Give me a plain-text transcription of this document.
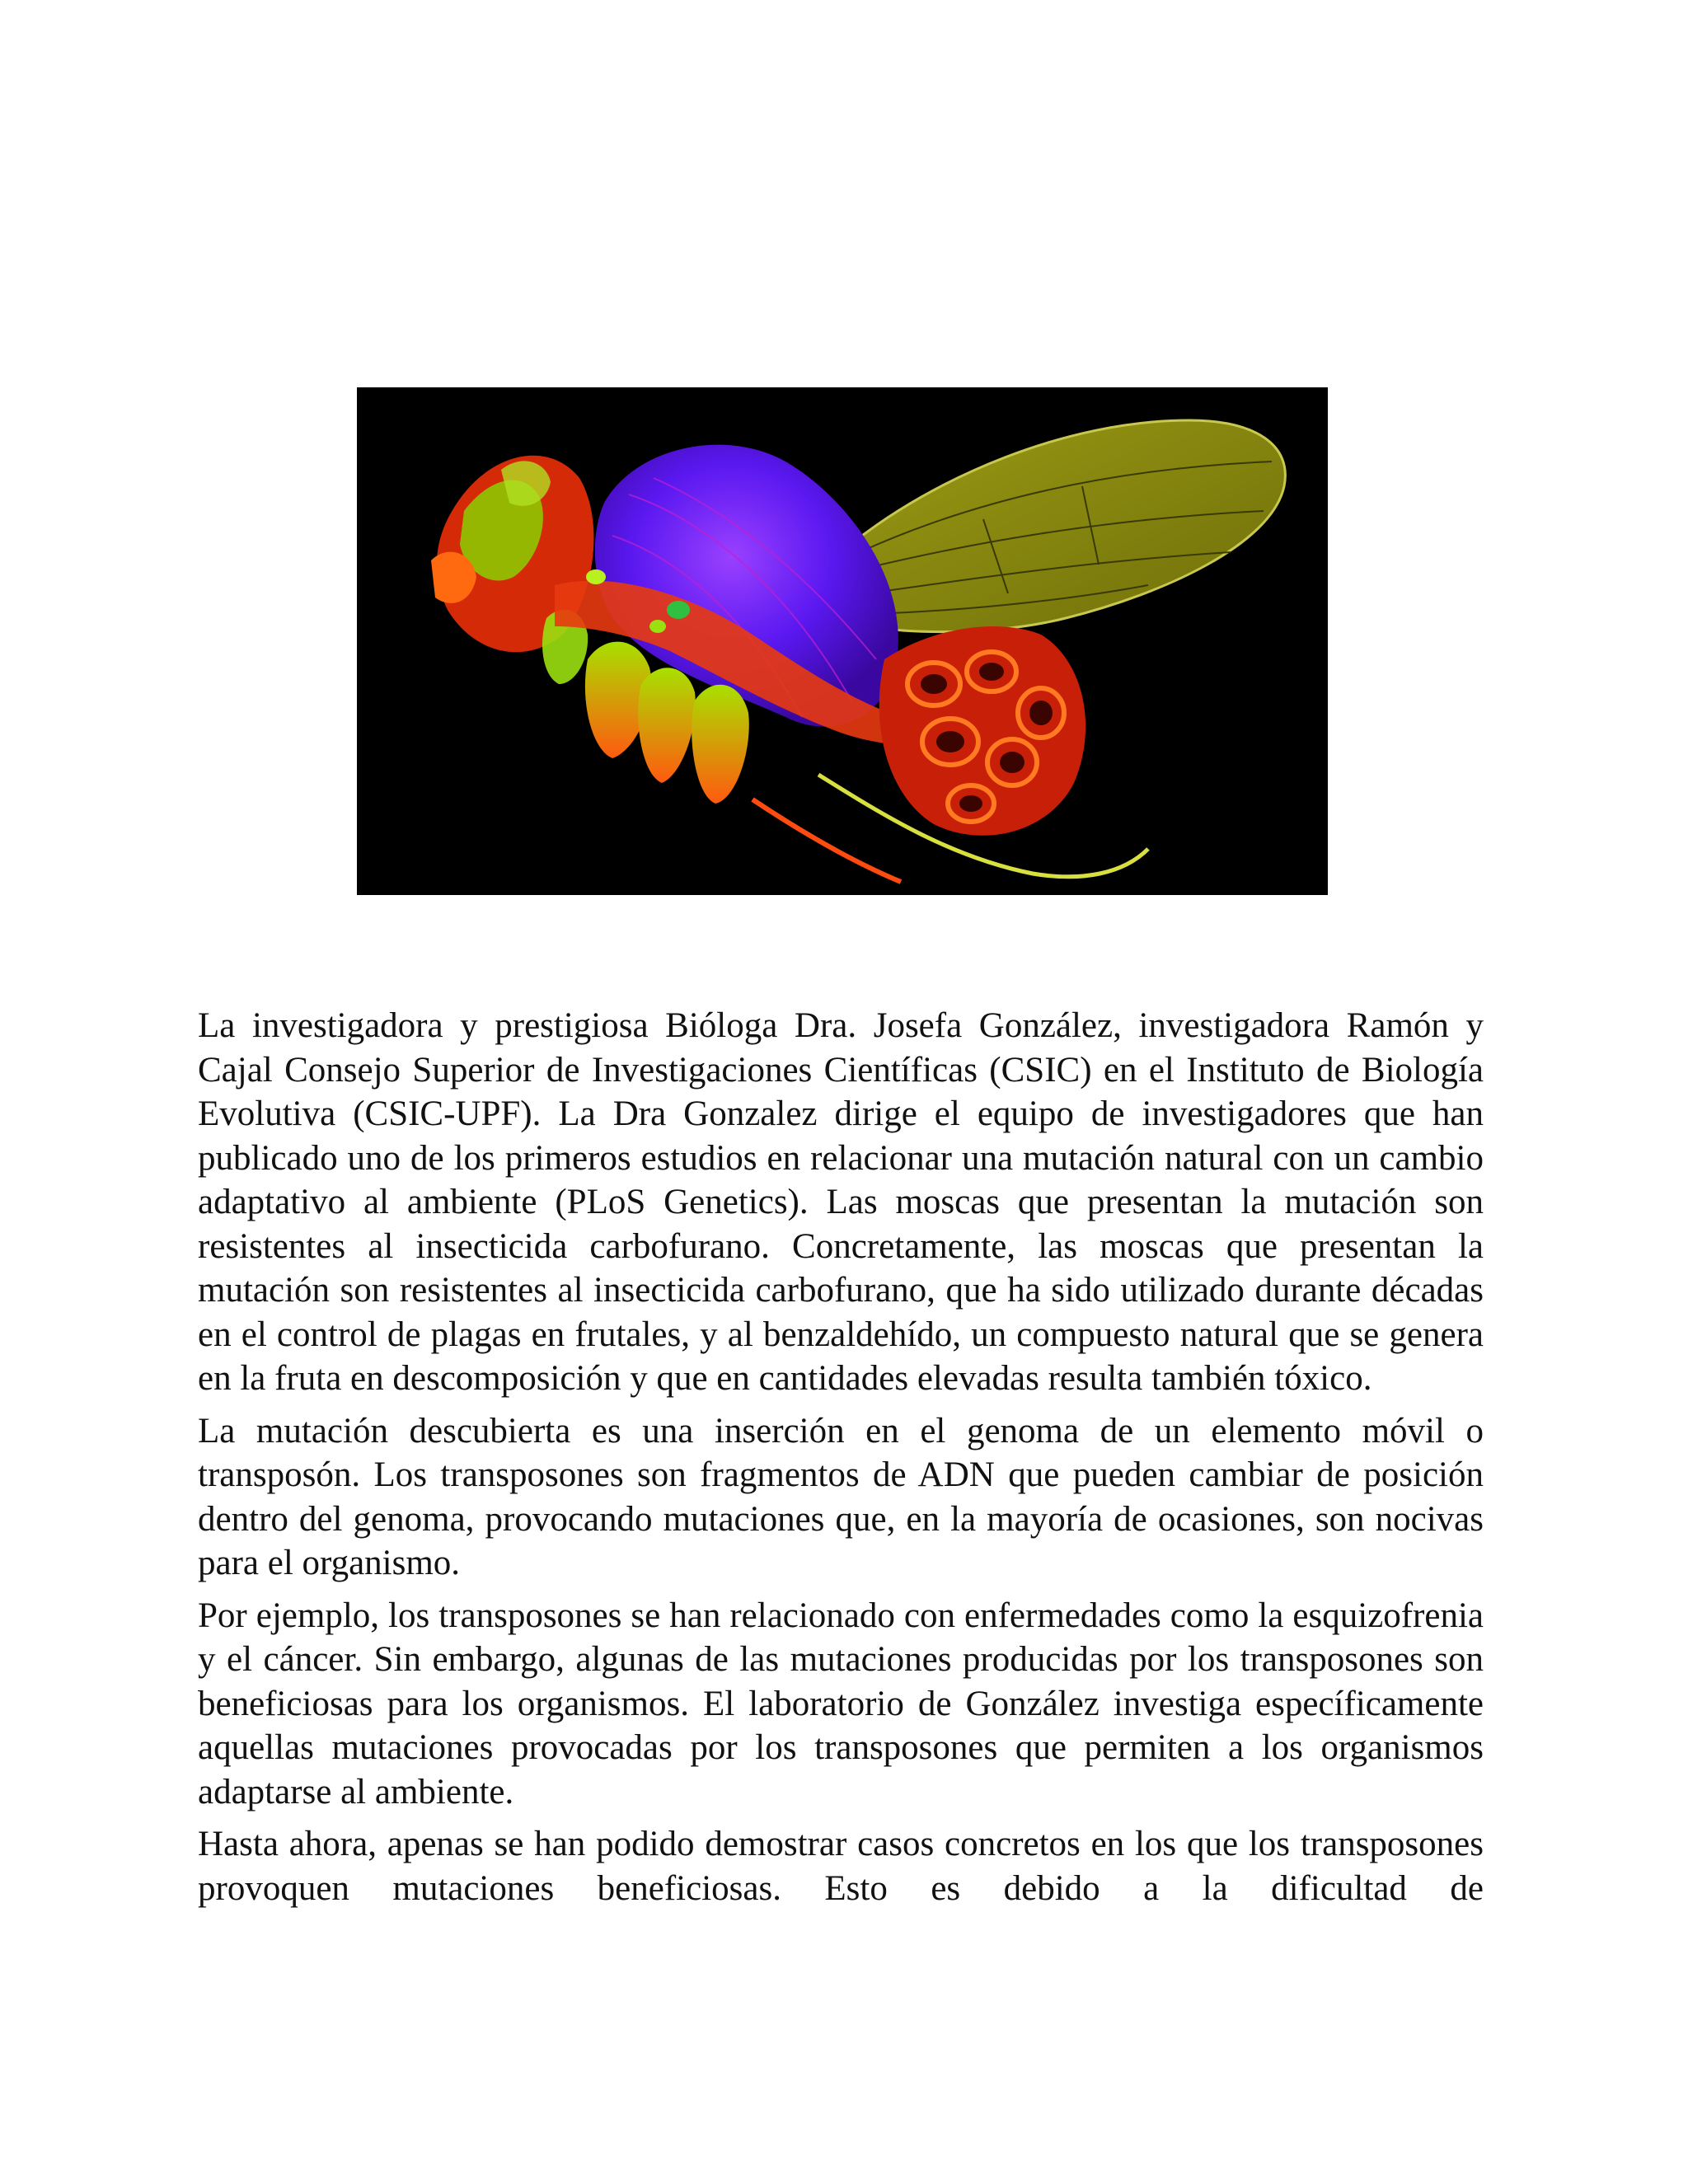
La investigadora y prestigiosa Bióloga Dra. Josefa González, investigadora Ramón y Cajal Consejo Superior de Investigaciones Científicas (CSIC) en el Instituto de Biología Evolutiva (CSIC-UPF). La Dra Gonzalez dirige el equipo de investigadores que han publicado uno de los primeros estudios en relacionar una mutación natural con un cambio adaptativo al ambiente (PLoS Genetics). Las moscas que presentan la mutación son resistentes al insecticida carbofurano. Concretamente, las moscas que presentan la mutación son resistentes al insecticida carbofurano, que ha sido utilizado durante décadas en el control de plagas en frutales, y al benzaldehído, un compuesto natural que se genera en la fruta en descomposición y que en cantidades elevadas resulta también tóxico.

La mutación descubierta es una inserción en el genoma de un elemento móvil o transposón. Los transposones son fragmentos de ADN que pueden cambiar de posición dentro del genoma, provocando mutaciones que, en la mayoría de ocasiones, son nocivas para el organismo.

Por ejemplo, los transposones se han relacionado con enfermedades como la esquizofrenia y el cáncer. Sin embargo, algunas de las mutaciones producidas por los transposones son beneficiosas para los organismos. El laboratorio de González investiga específicamente aquellas mutaciones provocadas por los transposones que permiten a los organismos adaptarse al ambiente.

Hasta ahora, apenas se han podido demostrar casos concretos en los que los transposones provoquen mutaciones beneficiosas. Esto es debido a la dificultad de
